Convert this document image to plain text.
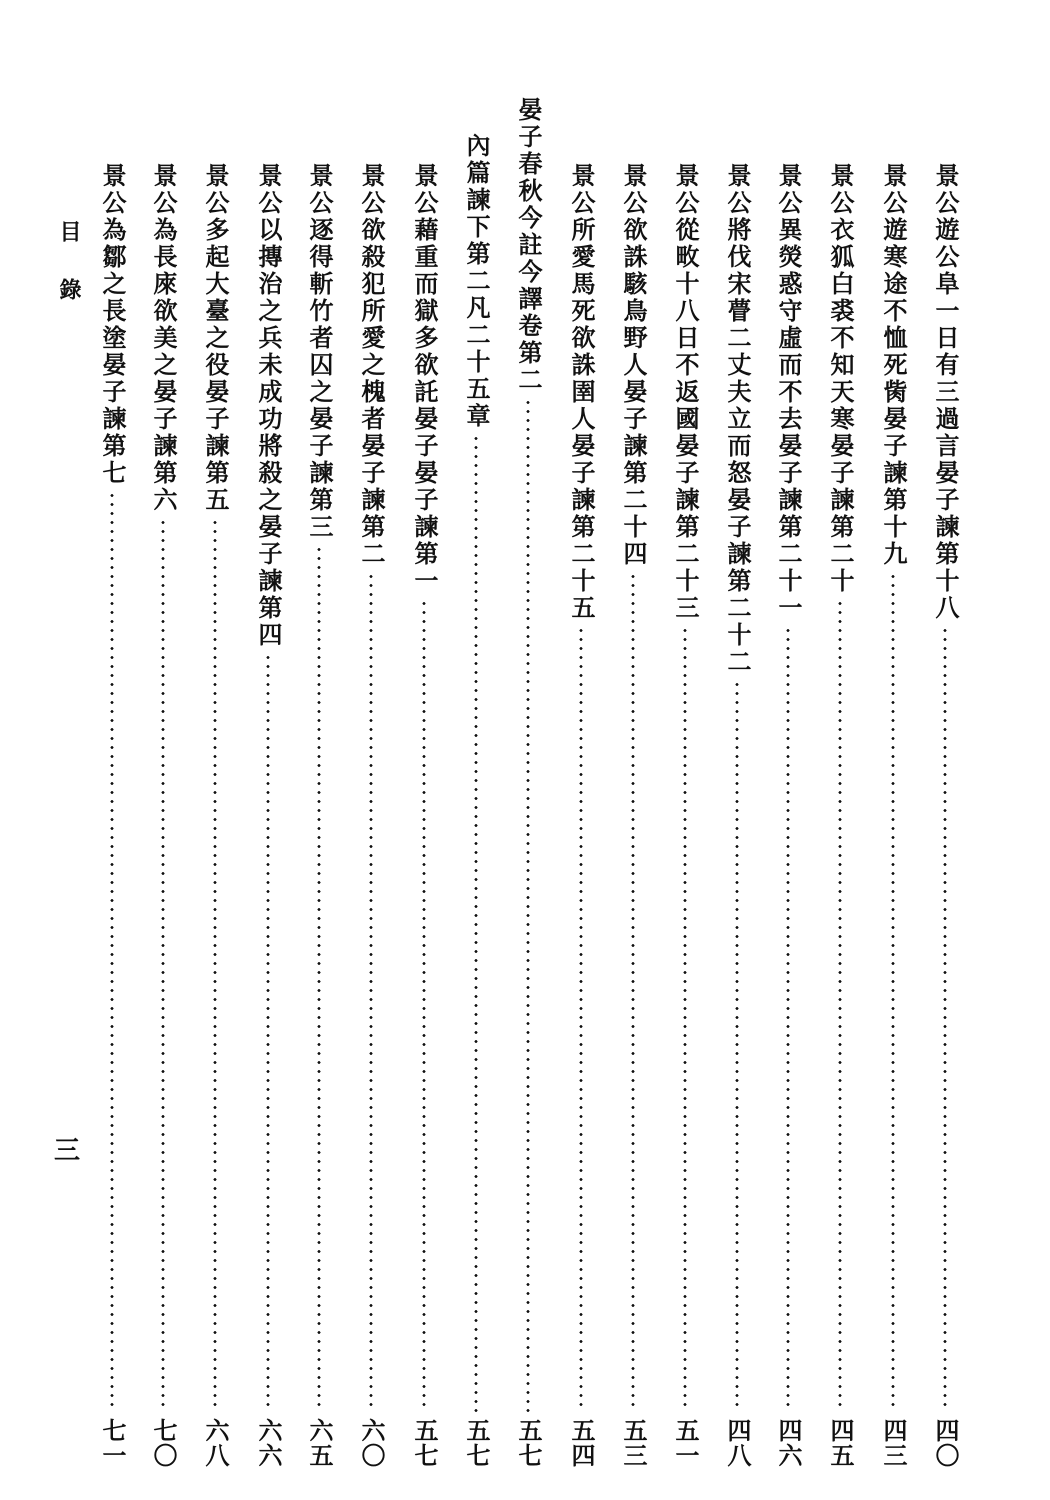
景公遊公阜一日有三過言晏子諫第十八
四〇
景公遊寒途不恤死胔晏子諫第十九
四三
景公衣狐白裘不知天寒晏子諫第二十
四五
景公異熒惑守虛而不去晏子諫第二十一
四六
景公將伐宋瞢二丈夫立而怒晏子諫第二十二
四八
景公從畋十八日不返國晏子諫第二十三
五一
景公欲誅駭鳥野人晏子諫第二十四
五三
景公所愛馬死欲誅圉人晏子諫第二十五
五四
晏子春秋今註今譯卷第二
五七
內篇諫下第二凡二十五章
五七
景公藉重而獄多欲託晏子晏子諫第一
五七
景公欲殺犯所愛之槐者晏子諫第二
六〇
景公逐得斬竹者囚之晏子諫第三
六五
景公以摶治之兵未成功將殺之晏子諫第四
六六
景公多起大臺之役晏子諫第五
六八
景公為長庲欲美之晏子諫第六
七〇
景公為鄒之長塗晏子諫第七
七一
目錄
三
